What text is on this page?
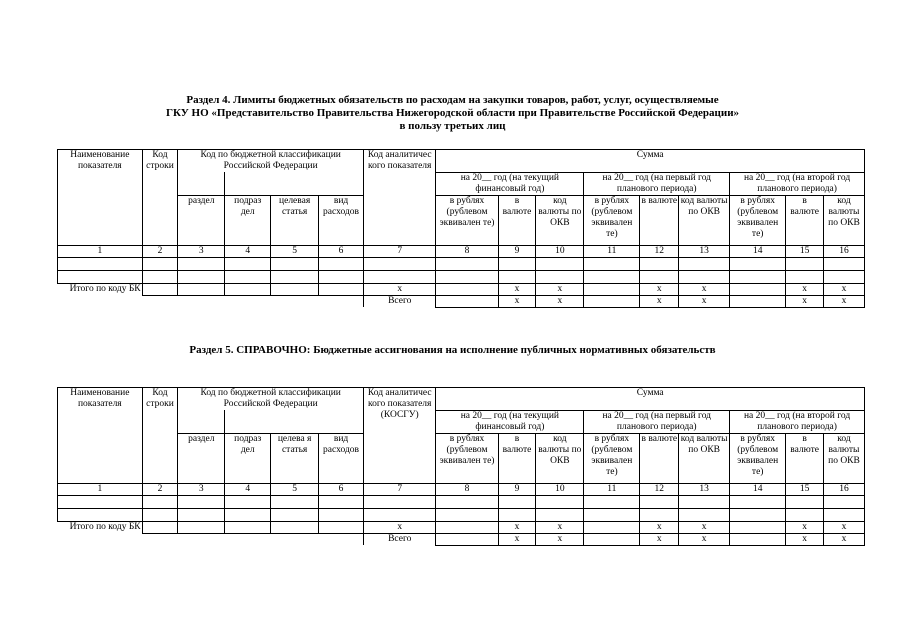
Раздел 4. Лимиты бюджетных обязательств по расходам на закупки товаров, работ, услуг, осуществляемые
ГКУ НО «Представительство Правительства Нижегородской области при Правительстве Российской Федерации»
в пользу третьих лиц
Наименование показателя	Код строки	Код по бюджетной классификации Российской Федерации				Код аналитичес кого показателя	Сумма								
							на 20__ год (на текущий финансовый год)			на 20__ год (на первый год планового периода)			на 20__ год (на второй год планового периода)		
		раздел	подраз дел	целевая статья	вид расходов		в рублях (рублевом эквивален те)	в валюте	код валюты по ОКВ	в рублях (рублевом эквивален те)	в валюте	код валюты по ОКВ	в рублях (рублевом эквивален те)	в валюте	код валюты по ОКВ
1	2	3	4	5	6	7	8	9	10	11	12	13	14	15	16

Итого по коду БК						x		x	x		x	x		x	x
						Всего		x	x		x	x		x	x
Раздел 5. СПРАВОЧНО: Бюджетные ассигнования на исполнение публичных нормативных обязательств
Наименование показателя	Код строки	Код по бюджетной классификации Российской Федерации				Код аналитичес кого показателя (КОСГУ)	Сумма								
							на 20__ год (на текущий финансовый год)			на 20__ год (на первый год планового периода)			на 20__ год (на второй год планового периода)		
		раздел	подраз дел	целева я статья	вид расходов		в рублях (рублевом эквивален те)	в валюте	код валюты по ОКВ	в рублях (рублевом эквивален те)	в валюте	код валюты по ОКВ	в рублях (рублевом эквивален те)	в валюте	код валюты по ОКВ
1	2	3	4	5	6	7	8	9	10	11	12	13	14	15	16

Итого по коду БК						x		x	x		x	x		x	x
						Всего		x	x		x	x		x	x
